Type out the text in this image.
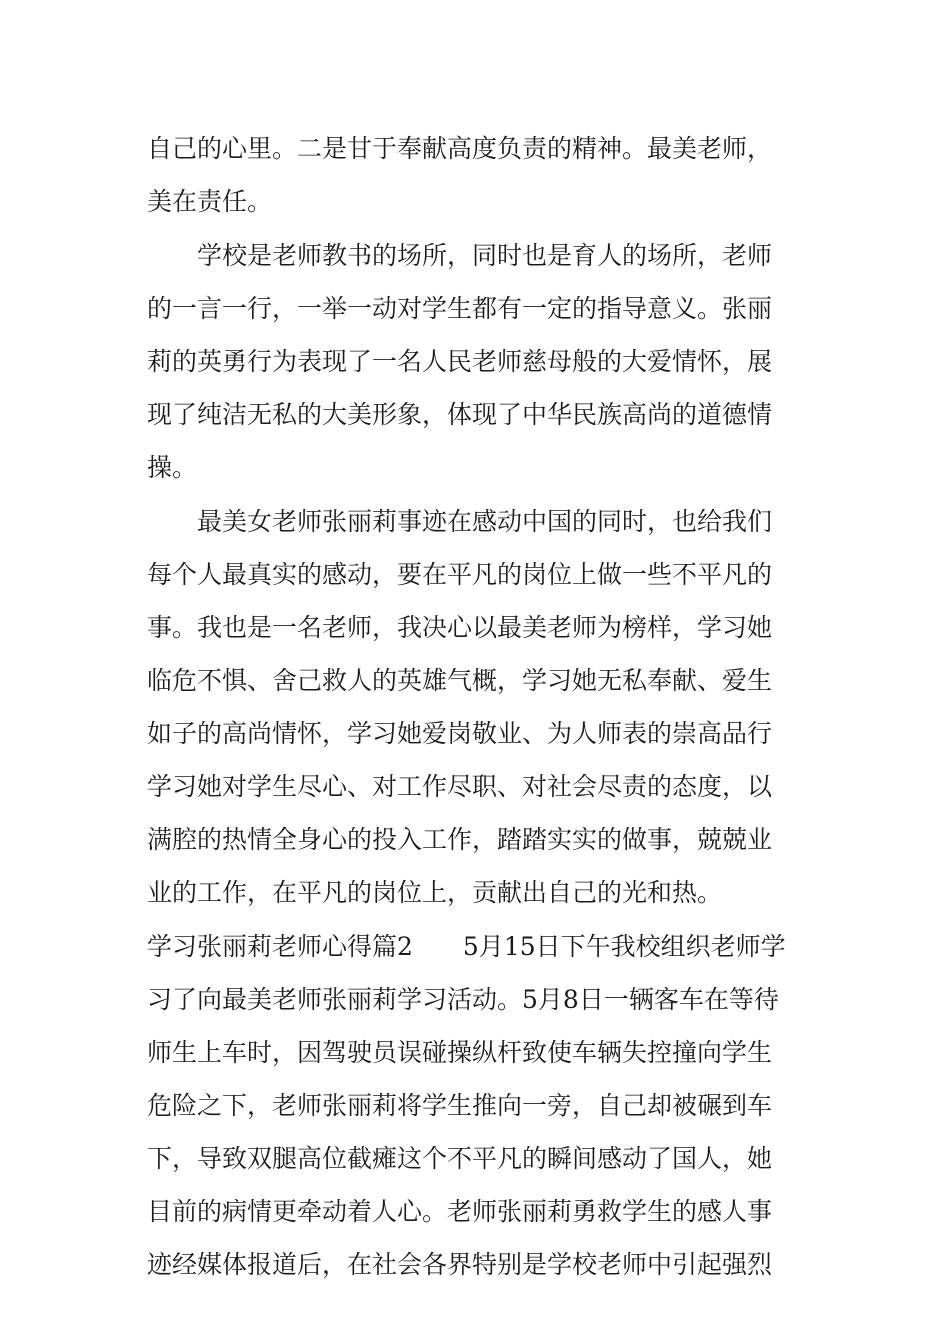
自己的心里。二是甘于奉献高度负责的精神。最美老师，
美在责任。
　　学校是老师教书的场所，同时也是育人的场所，老师
的一言一行，一举一动对学生都有一定的指导意义。张丽
莉的英勇行为表现了一名人民老师慈母般的大爱情怀，展
现了纯洁无私的大美形象，体现了中华民族高尚的道德情
操。
　　最美女老师张丽莉事迹在感动中国的同时，也给我们
每个人最真实的感动，要在平凡的岗位上做一些不平凡的
事。我也是一名老师，我决心以最美老师为榜样，学习她
临危不惧、舍己救人的英雄气概，学习她无私奉献、爱生
如子的高尚情怀，学习她爱岗敬业、为人师表的崇高品行
学习她对学生尽心、对工作尽职、对社会尽责的态度，以
满腔的热情全身心的投入工作，踏踏实实的做事，兢兢业
业的工作，在平凡的岗位上，贡献出自己的光和热。
学习张丽莉老师心得篇2　　5月15日下午我校组织老师学
习了向最美老师张丽莉学习活动。5月8日一辆客车在等待
师生上车时，因驾驶员误碰操纵杆致使车辆失控撞向学生
危险之下，老师张丽莉将学生推向一旁，自己却被碾到车
下，导致双腿高位截瘫这个不平凡的瞬间感动了国人，她
目前的病情更牵动着人心。老师张丽莉勇救学生的感人事
迹经媒体报道后，在社会各界特别是学校老师中引起强烈
